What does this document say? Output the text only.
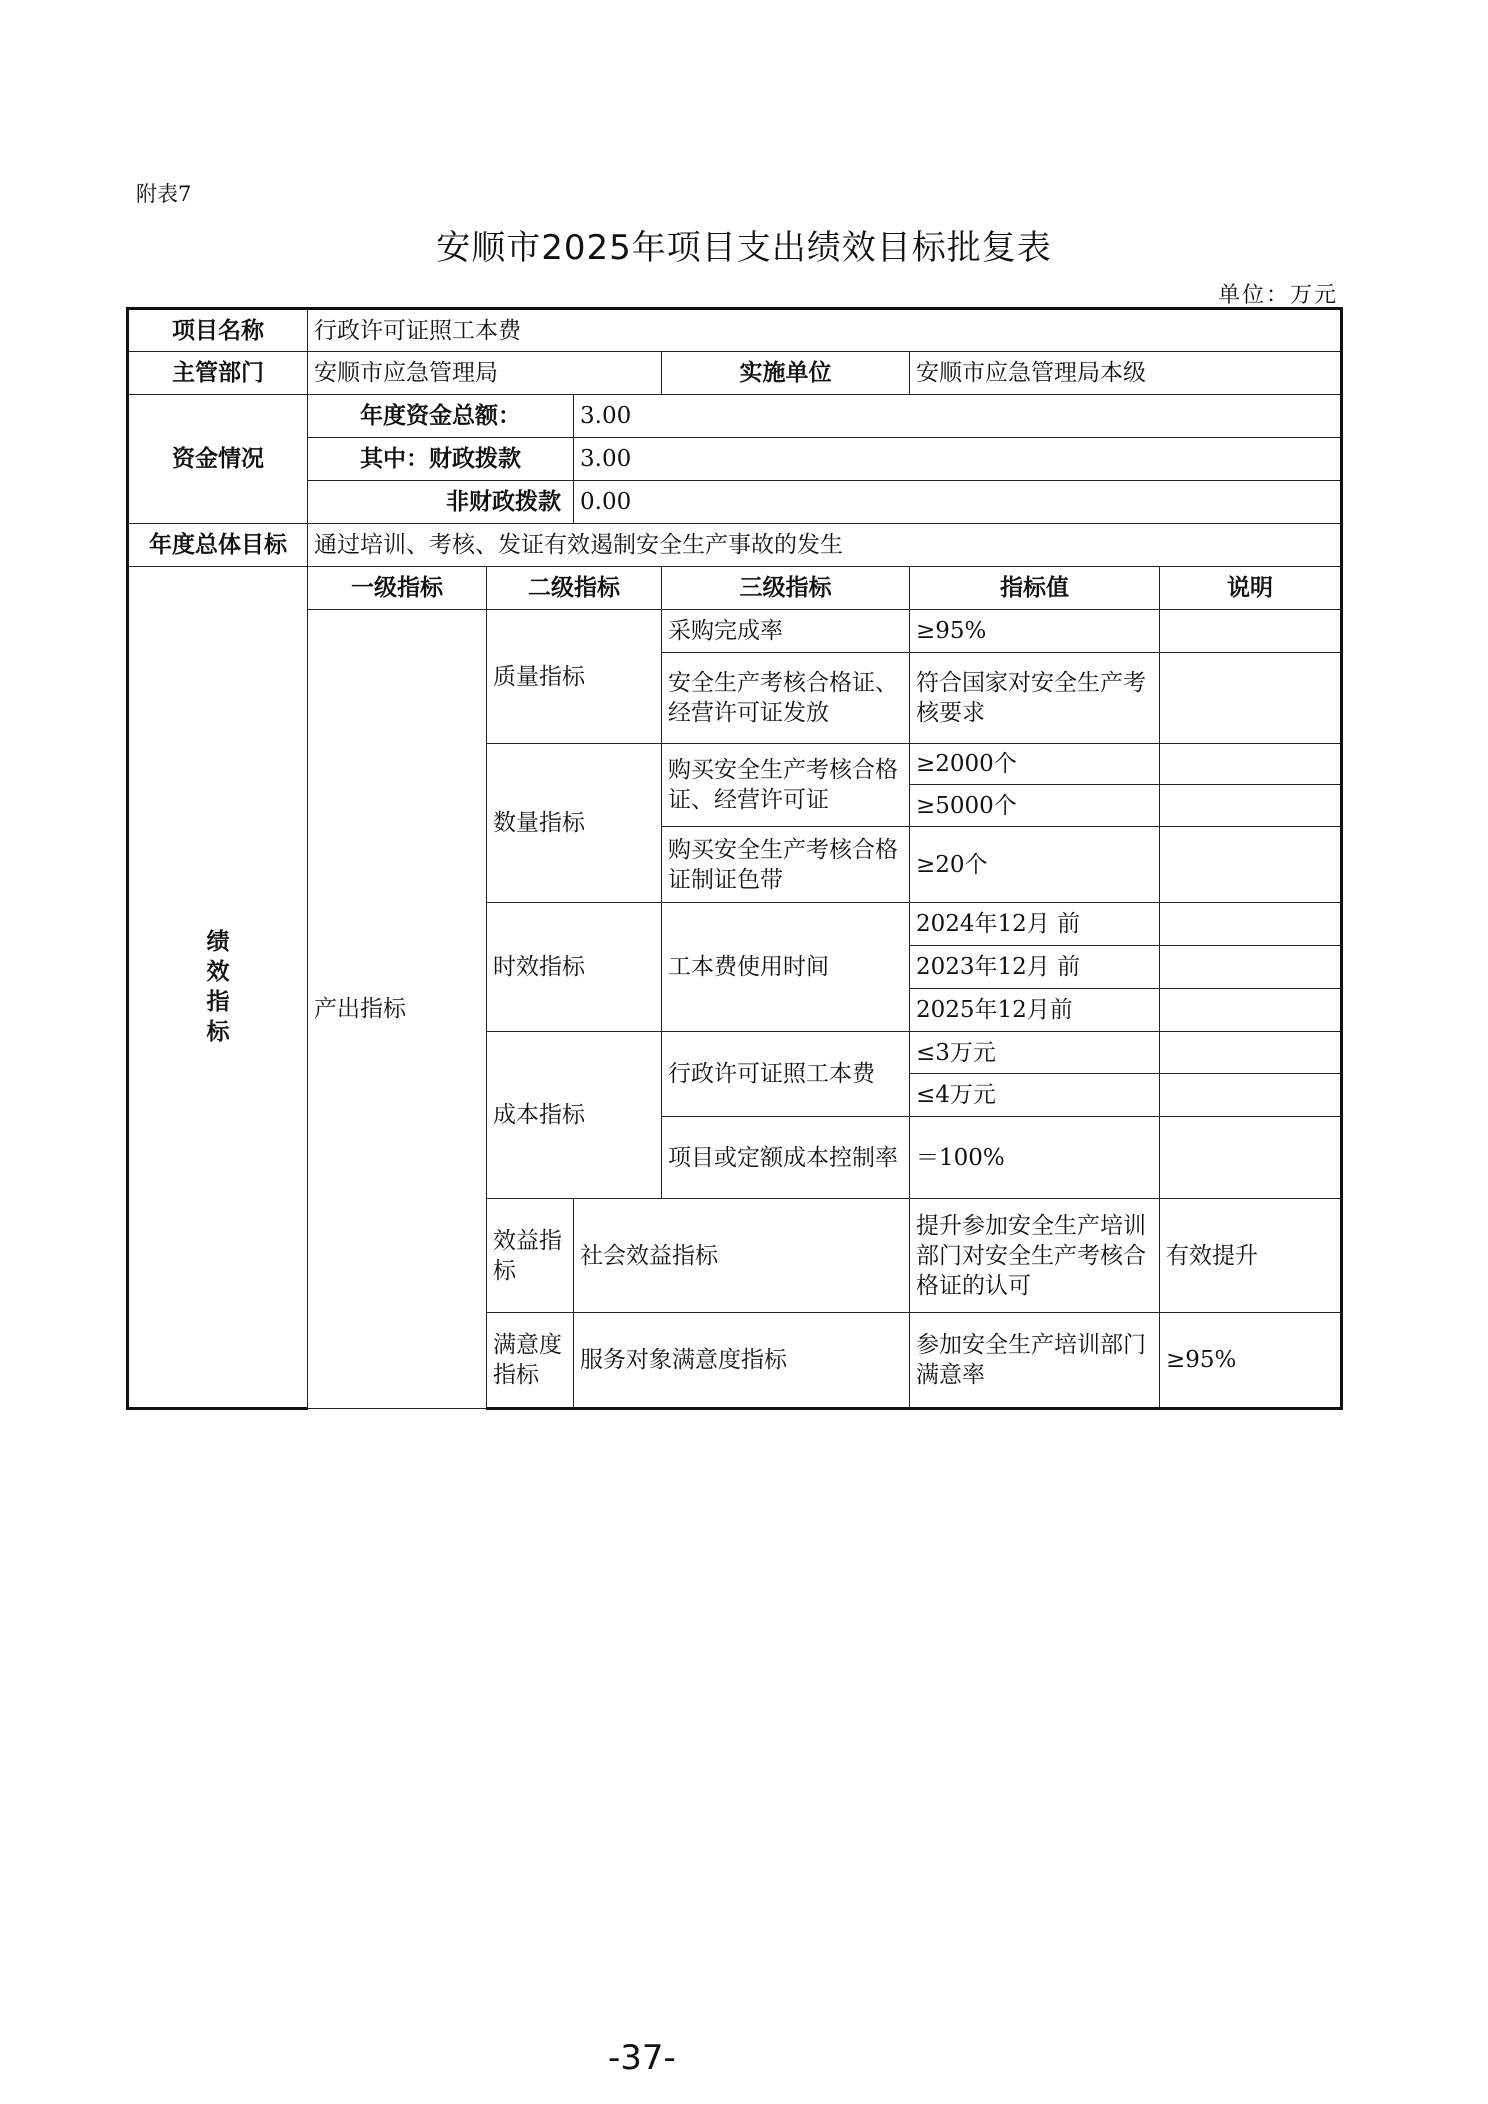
附表7
安顺市2025年项目支出绩效目标批复表
单位：万元
项目名称	行政许可证照工本费						
主管部门	安顺市应急管理局			实施单位	安顺市应急管理局本级		
资金情况	年度资金总额：		3.00				
	其中：财政拨款		3.00				
	非财政拨款		0.00				
年度总体目标	通过培训、考核、发证有效遏制安全生产事故的发生						

绩
效
指
标	一级指标	二级指标		三级指标	指标值	说明	
	产出指标	质量指标		采购完成率	≥95%		
				安全生产考核合格证、经营许可证发放	符合国家对安全生产考核要求		
		数量指标		购买安全生产考核合格证、经营许可证	≥2000个		
					≥5000个		
				购买安全生产考核合格证制证色带	≥20个		
		时效指标		工本费使用时间	2024年12月 前		
					2023年12月 前		
					2025年12月前		
		成本指标		行政许可证照工本费	≤3万元		
					≤4万元		
				项目或定额成本控制率	＝100%		
		效益指标	社会效益指标		提升参加安全生产培训部门对安全生产考核合格证的认可	有效提升	
		满意度指标	服务对象满意度指标		参加安全生产培训部门满意率	≥95%	
-37-
